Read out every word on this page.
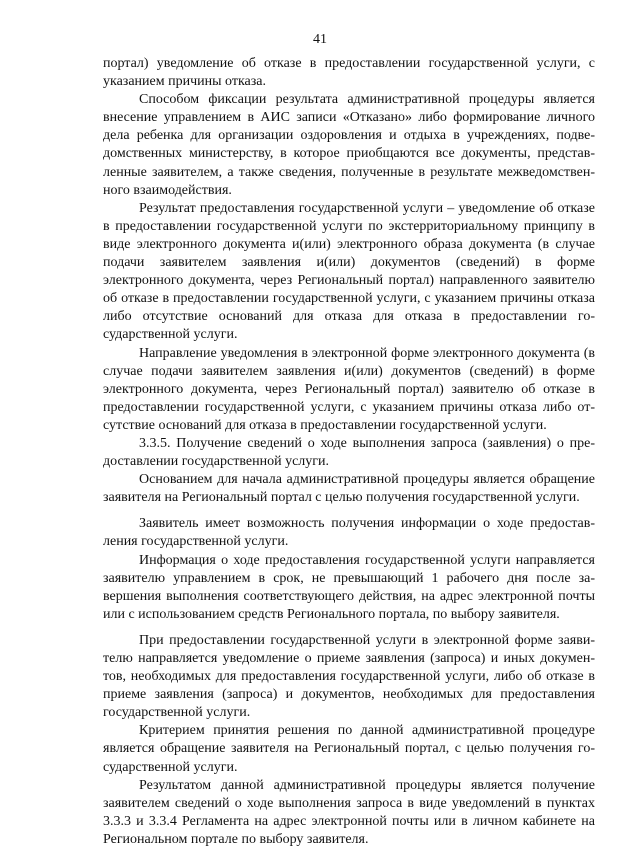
41

портал) уведомление об отказе в предоставлении государственной услуги, с указанием причины отказа.

Способом фиксации результата административной процедуры является внесение управлением в АИС записи «Отказано» либо формирование личного дела ребенка для организации оздоровления и отдыха в учреждениях, подведомственных министерству, в которое приобщаются все документы, представленные заявителем, а также сведения, полученные в результате межведомственного взаимодействия.

Результат предоставления государственной услуги – уведомление об отказе в предоставлении государственной услуги по экстерриториальному принципу в виде электронного документа и(или) электронного образа документа (в случае подачи заявителем заявления и(или) документов (сведений) в форме электронного документа, через Региональный портал) направленного заявителю об отказе в предоставлении государственной услуги, с указанием причины отказа либо отсутствие оснований для отказа для отказа в предоставлении государственной услуги.

Направление уведомления в электронной форме электронного документа (в случае подачи заявителем заявления и(или) документов (сведений) в форме электронного документа, через Региональный портал) заявителю об отказе в предоставлении государственной услуги, с указанием причины отказа либо отсутствие оснований для отказа в предоставлении государственной услуги.

3.3.5. Получение сведений о ходе выполнения запроса (заявления) о предоставлении государственной услуги.

Основанием для начала административной процедуры является обращение заявителя на Региональный портал с целью получения государственной услуги.

Заявитель имеет возможность получения информации о ходе предоставления государственной услуги.

Информация о ходе предоставления государственной услуги направляется заявителю управлением в срок, не превышающий 1 рабочего дня после завершения выполнения соответствующего действия, на адрес электронной почты или с использованием средств Регионального портала, по выбору заявителя.

При предоставлении государственной услуги в электронной форме заявителю направляется уведомление о приеме заявления (запроса) и иных документов, необходимых для предоставления государственной услуги, либо об отказе в приеме заявления (запроса) и документов, необходимых для предоставления государственной услуги.

Критерием принятия решения по данной административной процедуре является обращение заявителя на Региональный портал, с целью получения государственной услуги.

Результатом данной административной процедуры является получение заявителем сведений о ходе выполнения запроса в виде уведомлений в пунктах 3.3.3 и 3.3.4 Регламента на адрес электронной почты или в личном кабинете на Региональном портале по выбору заявителя.
